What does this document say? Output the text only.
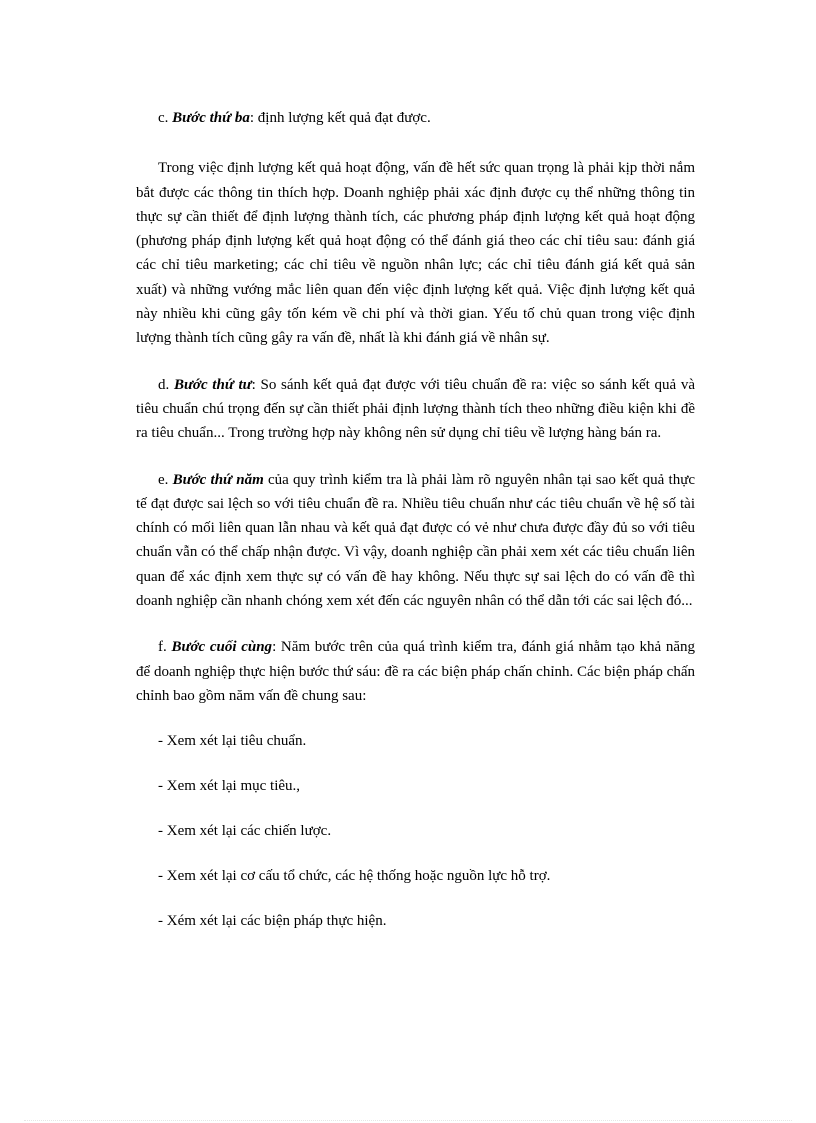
c. Bước thứ ba: định lượng kết quả đạt được.

Trong việc định lượng kết quả hoạt động, vấn đề hết sức quan trọng là phải kịp thời nắm bắt được các thông tin thích hợp. Doanh nghiệp phải xác định được cụ thể những thông tin thực sự cần thiết để định lượng thành tích, các phương pháp định lượng kết quả hoạt động (phương pháp định lượng kết quả hoạt động có thể đánh giá theo các chỉ tiêu sau: đánh giá các chỉ tiêu marketing; các chỉ tiêu về nguồn nhân lực; các chỉ tiêu đánh giá kết quả sản xuất) và những vướng mắc liên quan đến việc định lượng kết quả. Việc định lượng kết quả này nhiều khi cũng gây tốn kém về chi phí và thời gian. Yếu tố chủ quan trong việc định lượng thành tích cũng gây ra vấn đề, nhất là khi đánh giá về nhân sự.

d. Bước thứ tư: So sánh kết quả đạt được với tiêu chuẩn đề ra: việc so sánh kết quả và tiêu chuẩn chú trọng đến sự cần thiết phải định lượng thành tích theo những điều kiện khi đề ra tiêu chuẩn... Trong trường hợp này không nên sử dụng chỉ tiêu về lượng hàng bán ra.

e. Bước thứ năm của quy trình kiểm tra là phải làm rõ nguyên nhân tại sao kết quả thực tế đạt được sai lệch so với tiêu chuẩn đề ra. Nhiều tiêu chuẩn như các tiêu chuẩn về hệ số tài chính có mối liên quan lẫn nhau và kết quả đạt được có vẻ như chưa được đầy đủ so với tiêu chuẩn vẫn có thể chấp nhận được. Vì vậy, doanh nghiệp cần phải xem xét các tiêu chuẩn liên quan để xác định xem thực sự có vấn đề hay không. Nếu thực sự sai lệch do có vấn đề thì doanh nghiệp cần nhanh chóng xem xét đến các nguyên nhân có thể dẫn tới các sai lệch đó...

f. Bước cuối cùng: Năm bước trên của quá trình kiểm tra, đánh giá nhằm tạo khả năng để doanh nghiệp thực hiện bước thứ sáu: đề ra các biện pháp chấn chỉnh. Các biện pháp chấn chỉnh bao gồm năm vấn đề chung sau:

- Xem xét lại tiêu chuẩn.

- Xem xét lại mục tiêu.,

- Xem xét lại các chiến lược.

- Xem xét lại cơ cấu tổ chức, các hệ thống hoặc nguồn lực hỗ trợ.

- Xém xét lại các biện pháp thực hiện.
